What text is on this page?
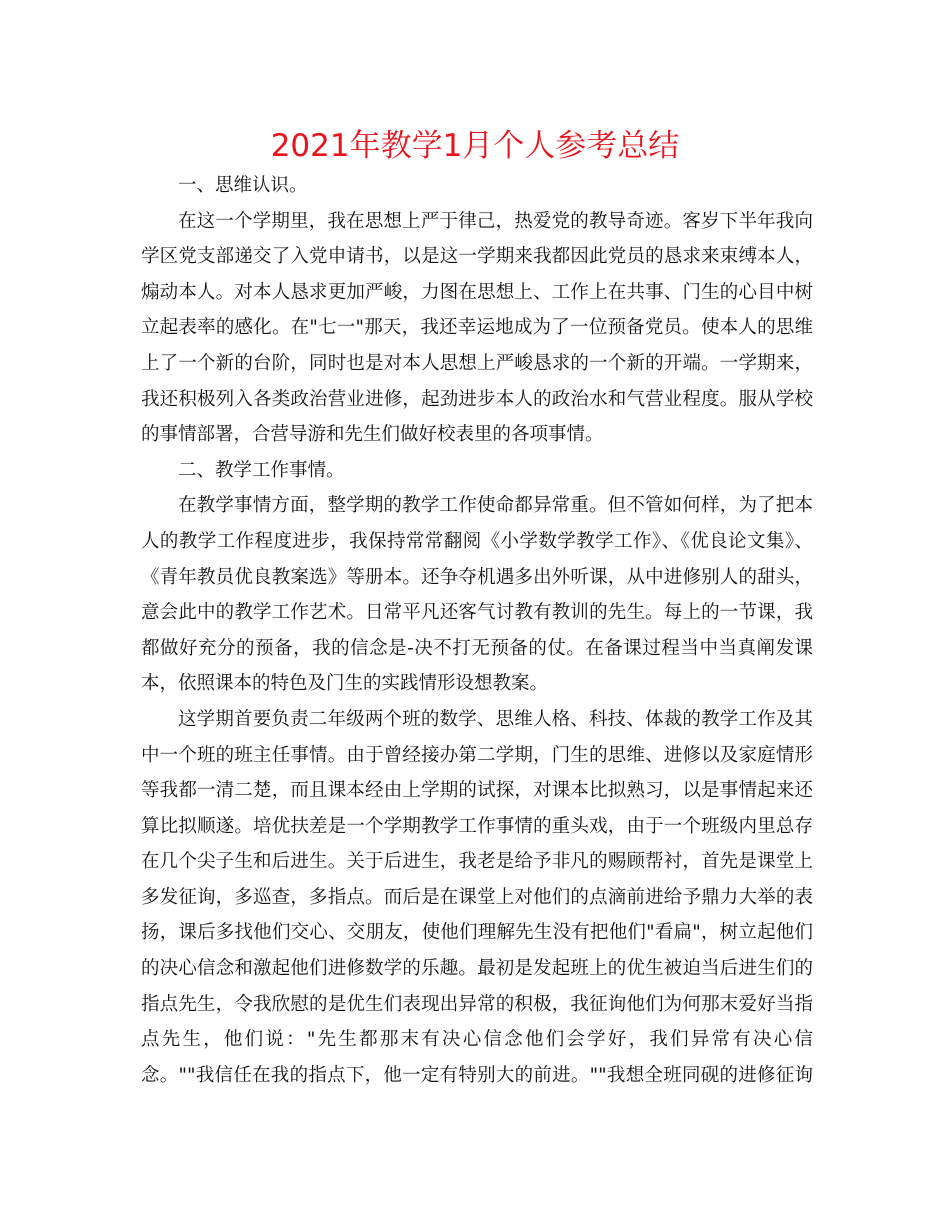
2021年教学1月个人参考总结
一、思维认识。
在这一个学期里，我在思想上严于律己，热爱党的教导奇迹。客岁下半年我向
学区党支部递交了入党申请书，以是这一学期来我都因此党员的恳求来束缚本人，
煽动本人。对本人恳求更加严峻，力图在思想上、工作上在共事、门生的心目中树
立起表率的感化。在"七一"那天，我还幸运地成为了一位预备党员。使本人的思维
上了一个新的台阶，同时也是对本人思想上严峻恳求的一个新的开端。一学期来，
我还积极列入各类政治营业进修，起劲进步本人的政治水和气营业程度。服从学校
的事情部署，合营导游和先生们做好校表里的各项事情。
二、教学工作事情。
在教学事情方面，整学期的教学工作使命都异常重。但不管如何样，为了把本
人的教学工作程度进步，我保持常常翻阅《小学数学教学工作》、《优良论文集》、
《青年教员优良教案选》等册本。还争夺机遇多出外听课，从中进修别人的甜头，
意会此中的教学工作艺术。日常平凡还客气讨教有教训的先生。每上的一节课，我
都做好充分的预备，我的信念是-决不打无预备的仗。在备课过程当中当真阐发课
本，依照课本的特色及门生的实践情形设想教案。
这学期首要负责二年级两个班的数学、思维人格、科技、体裁的教学工作及其
中一个班的班主任事情。由于曾经接办第二学期，门生的思维、进修以及家庭情形
等我都一清二楚，而且课本经由上学期的试探，对课本比拟熟习，以是事情起来还
算比拟顺遂。培优扶差是一个学期教学工作事情的重头戏，由于一个班级内里总存
在几个尖子生和后进生。关于后进生，我老是给予非凡的赐顾帮衬，首先是课堂上
多发征询，多巡查，多指点。而后是在课堂上对他们的点滴前进给予鼎力大举的表
扬，课后多找他们交心、交朋友，使他们理解先生没有把他们"看扁"，树立起他们
的决心信念和激起他们进修数学的乐趣。最初是发起班上的优生被迫当后进生们的
指点先生，令我欣慰的是优生们表现出异常的积极，我征询他们为何那末爱好当指
点先生，他们说："先生都那末有决心信念他们会学好，我们异常有决心信
念。""我信任在我的指点下，他一定有特别大的前进。""我想全班同砚的进修征询
